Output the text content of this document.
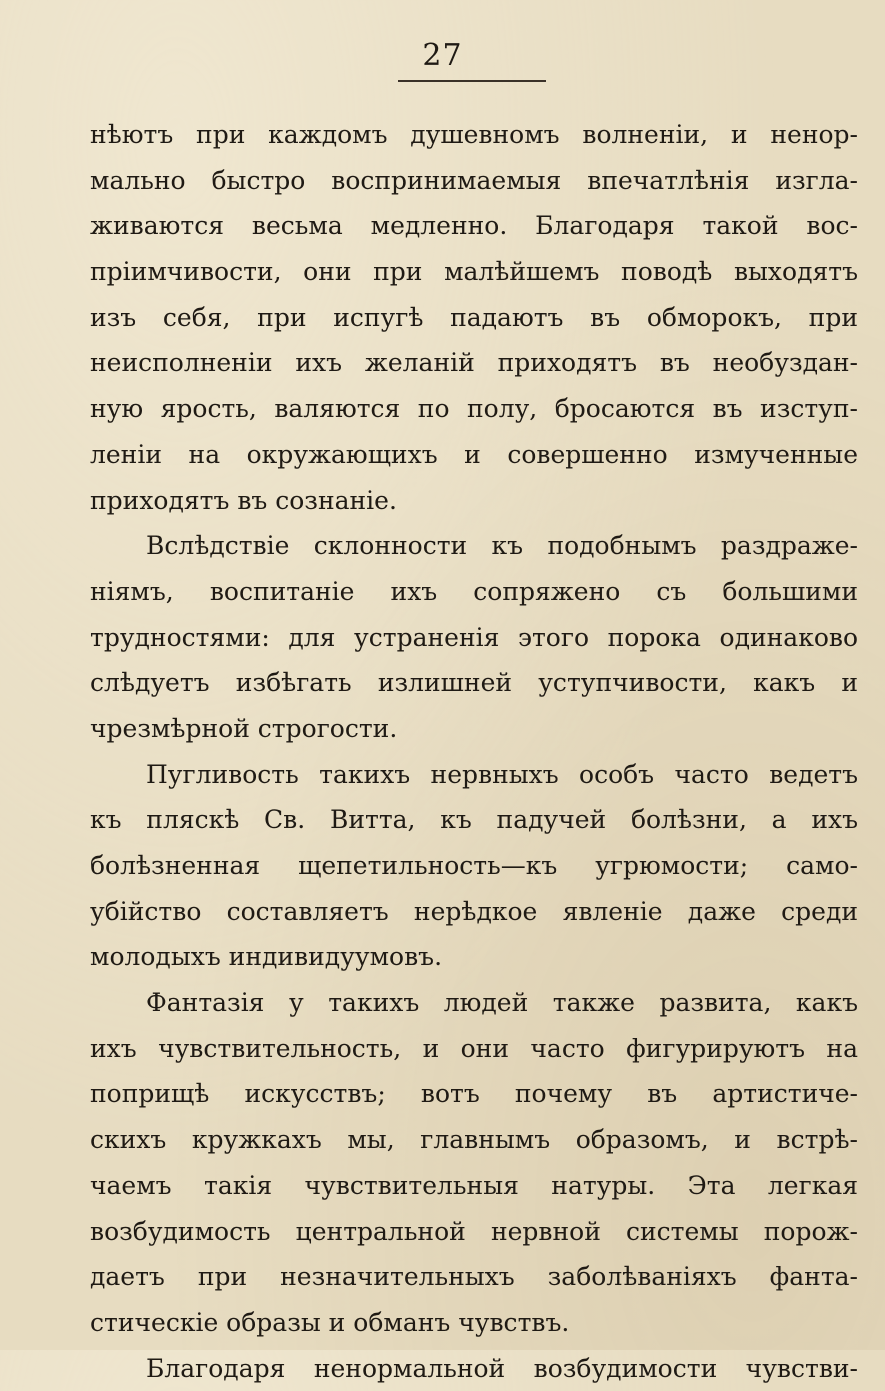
27
нѣютъ при каждомъ душевномъ волненiи, и ненор-
мально быстро воспринимаемыя впечатлѣнiя изгла-
живаются весьма медленно. Благодаря такой вос-
прiимчивости, они при малѣйшемъ поводѣ выходятъ
изъ себя, при испугѣ падаютъ въ обморокъ, при
неисполненiи ихъ желанiй приходятъ въ необуздан-
ную ярость, валяются по полу, бросаются въ изступ-
ленiи на окружающихъ и совершенно измученные
приходятъ въ сознанiе.
Вслѣдствiе склонности къ подобнымъ раздраже-
нiямъ, воспитанiе ихъ сопряжено съ большими
трудностями: для устраненiя этого порока одинаково
слѣдуетъ избѣгать излишней уступчивости, какъ и
чрезмѣрной строгости.
Пугливость такихъ нервныхъ особъ часто ведетъ
къ пляскѣ Св. Витта, къ падучей болѣзни, а ихъ
болѣзненная щепетильность—къ угрюмости; само-
убiйство составляетъ нерѣдкое явленiе даже среди
молодыхъ индивидуумовъ.
Фантазiя у такихъ людей также развита, какъ
ихъ чувствительность, и они часто фигурируютъ на
поприщѣ искусствъ; вотъ почему въ артистиче-
скихъ кружкахъ мы, главнымъ образомъ, и встрѣ-
чаемъ такiя чувствительныя натуры. Эта легкая
возбудимость центральной нервной системы порож-
даетъ при незначительныхъ заболѣванiяхъ фанта-
стическiе образы и обманъ чувствъ.
Благодаря ненормальной возбудимости чувстви-
